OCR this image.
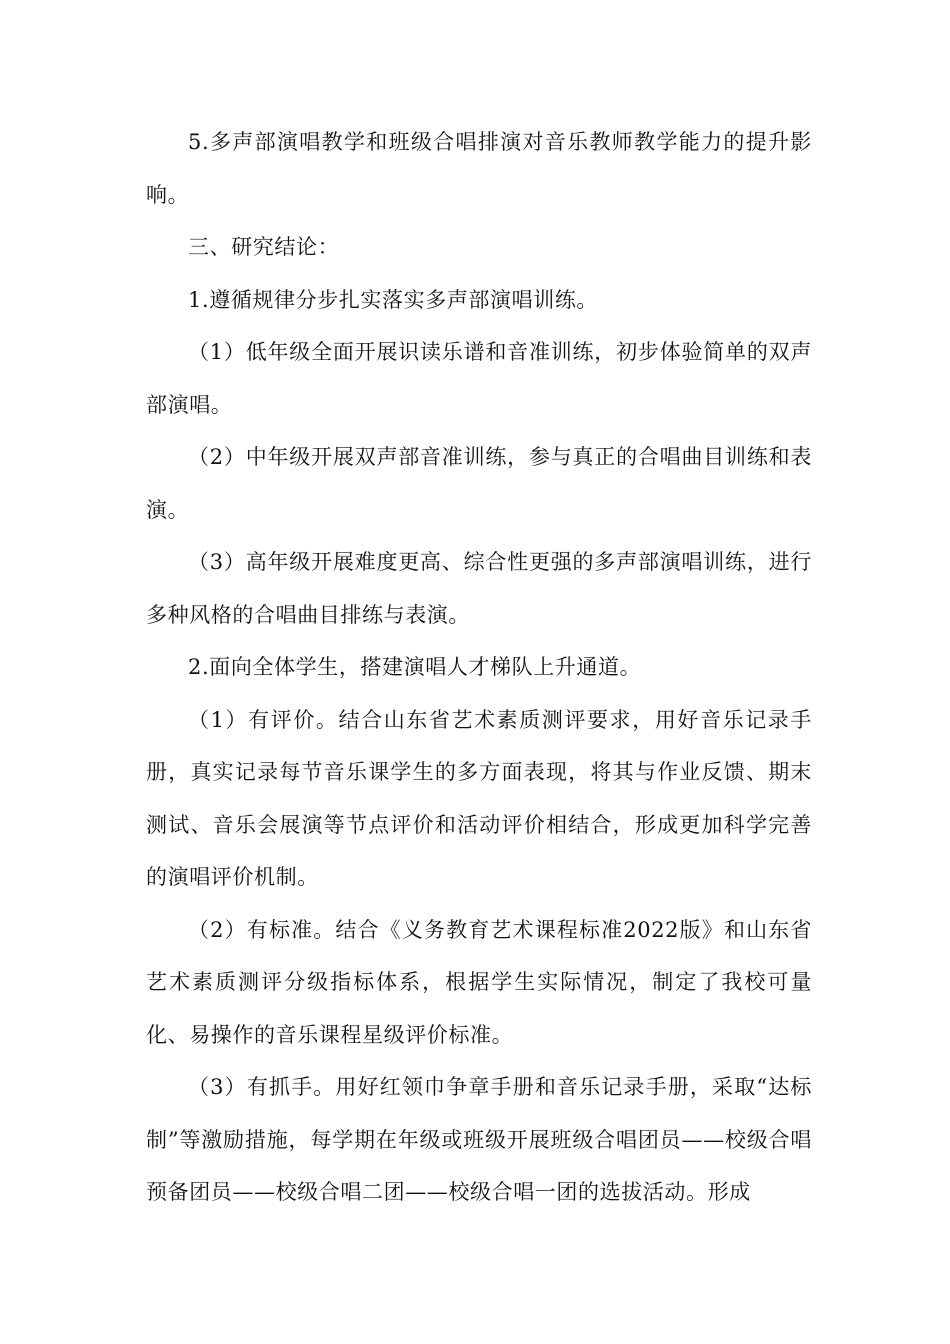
5.多声部演唱教学和班级合唱排演对音乐教师教学能力的提升影响。

三、研究结论：

1.遵循规律分步扎实落实多声部演唱训练。

（1）低年级全面开展识读乐谱和音准训练，初步体验简单的双声部演唱。

（2）中年级开展双声部音准训练，参与真正的合唱曲目训练和表演。

（3）高年级开展难度更高、综合性更强的多声部演唱训练，进行多种风格的合唱曲目排练与表演。

2.面向全体学生，搭建演唱人才梯队上升通道。

（1）有评价。结合山东省艺术素质测评要求，用好音乐记录手册，真实记录每节音乐课学生的多方面表现，将其与作业反馈、期末测试、音乐会展演等节点评价和活动评价相结合，形成更加科学完善的演唱评价机制。

（2）有标准。结合《义务教育艺术课程标准2022版》和山东省艺术素质测评分级指标体系，根据学生实际情况，制定了我校可量化、易操作的音乐课程星级评价标准。

（3）有抓手。用好红领巾争章手册和音乐记录手册，采取“达标制”等激励措施，每学期在年级或班级开展班级合唱团员——校级合唱预备团员——校级合唱二团——校级合唱一团的选拔活动。形成
